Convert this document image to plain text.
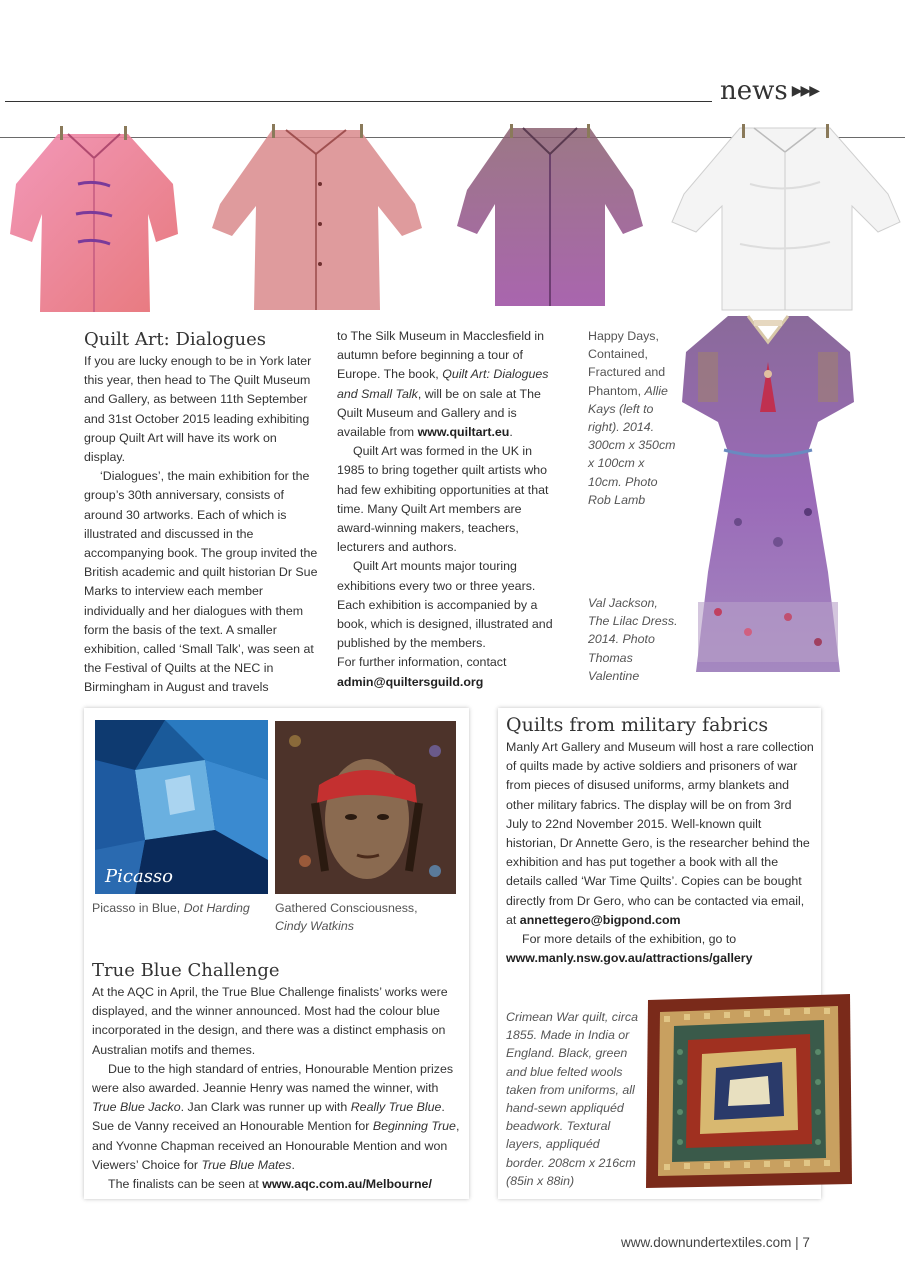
news ▶▶▶
Quilt Art: Dialogues

If you are lucky enough to be in York later this year, then head to The Quilt Museum and Gallery, as between 11th September and 31st October 2015 leading exhibiting group Quilt Art will have its work on display.

‘Dialogues’, the main exhibition for the group’s 30th anniversary, consists of around 30 artworks. Each of which is illustrated and discussed in the accompanying book. The group invited the British academic and quilt historian Dr Sue Marks to interview each member individually and her dialogues with them form the basis of the text. A smaller exhibition, called ‘Small Talk’, was seen at the Festival of Quilts at the NEC in Birmingham in August and travels

to The Silk Museum in Macclesfield in autumn before beginning a tour of Europe. The book, Quilt Art: Dialogues and Small Talk, will be on sale at The Quilt Museum and Gallery and is available from www.quiltart.eu.

Quilt Art was formed in the UK in 1985 to bring together quilt artists who had few exhibiting opportunities at that time. Many Quilt Art members are award-winning makers, teachers, lecturers and authors.

Quilt Art mounts major touring exhibitions every two or three years. Each exhibition is accompanied by a book, which is designed, illustrated and published by the members.

For further information, contact
admin@quiltersguild.org

Happy Days, Contained, Fractured and Phantom, Allie Kays (left to right). 2014. 300cm x 350cm x 100cm x 10cm. Photo Rob Lamb
Val Jackson, The Lilac Dress. 2014. Photo Thomas Valentine
Picasso
Picasso in Blue, Dot Harding Gathered Consciousness,
Cindy Watkins
True Blue Challenge

At the AQC in April, the True Blue Challenge finalists’ works were displayed, and the winner announced. Most had the colour blue incorporated in the design, and there was a distinct emphasis on Australian motifs and themes.

Due to the high standard of entries, Honourable Mention prizes were also awarded. Jeannie Henry was named the winner, with True Blue Jacko. Jan Clark was runner up with Really True Blue. Sue de Vanny received an Honourable Mention for Beginning True, and Yvonne Chapman received an Honourable Mention and won Viewers’ Choice for True Blue Mates.

The finalists can be seen at www.aqc.com.au/Melbourne/

Quilts from military fabrics

Manly Art Gallery and Museum will host a rare collection of quilts made by active soldiers and prisoners of war from pieces of disused uniforms, army blankets and other military fabrics. The display will be on from 3rd July to 22nd November 2015. Well-known quilt historian, Dr Annette Gero, is the researcher behind the exhibition and has put together a book with all the details called ‘War Time Quilts’. Copies can be bought directly from Dr Gero, who can be contacted via email, at annettegero@bigpond.com

For more details of the exhibition, go to
www.manly.nsw.gov.au/attractions/gallery

Crimean War quilt, circa 1855. Made in India or England. Black, green and blue felted wools taken from uniforms, all hand-sewn appliquéd beadwork. Textural layers, appliquéd border. 208cm x 216cm (85in x 88in)
www.downundertextiles.com | 7
